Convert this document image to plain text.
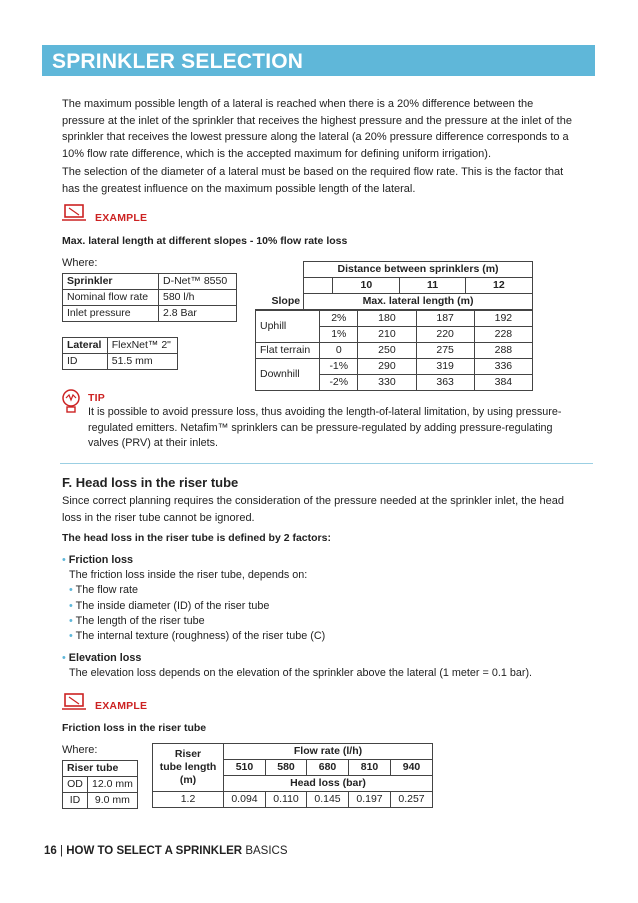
SPRINKLER SELECTION
The maximum possible length of a lateral is reached when there is a 20% difference between the
pressure at the inlet of the sprinkler that receives the highest pressure and the pressure at the inlet of the
sprinkler that receives the lowest pressure along the lateral (a 20% pressure difference corresponds to a
10% flow rate difference, which is the accepted maximum for defining uniform irrigation).
The selection of the diameter of a lateral must be based on the required flow rate. This is the factor that
has the greatest influence on the maximum possible length of the lateral.
EXAMPLE
Max. lateral length at different slopes - 10% flow rate loss
Where:
Sprinkler	D-Net™ 8550
Nominal flow rate	580 l/h
Inlet pressure	2.8 Bar
Lateral	FlexNet™ 2"
ID	51.5 mm
Slope	Distance between sprinklers (m)			
		10	11	12
	Max. lateral length (m)			
Uphill	2%	180	187	192
	1%	210	220	228
Flat terrain	0	250	275	288
Downhill	-1%	290	319	336
	-2%	330	363	384
TIP
It is possible to avoid pressure loss, thus avoiding the length-of-lateral limitation, by using pressure-
regulated emitters. Netafim™ sprinklers can be pressure-regulated by adding pressure-regulating
valves (PRV) at their inlets.
F. Head loss in the riser tube
Since correct planning requires the consideration of the pressure needed at the sprinkler inlet, the head
loss in the riser tube cannot be ignored.
The head loss in the riser tube is defined by 2 factors:
• Friction loss
The friction loss inside the riser tube, depends on:
• The flow rate
• The inside diameter (ID) of the riser tube
• The length of the riser tube
• The internal texture (roughness) of the riser tube (C)
• Elevation loss
The elevation loss depends on the elevation of the sprinkler above the lateral (1 meter = 0.1 bar).
EXAMPLE
Friction loss in the riser tube
Where:
Riser tube	
OD	12.0 mm
ID	9.0 mm
Riser
tube length
(m)	Flow rate (l/h)				
	510	580	680	810	940
	Head loss (bar)				
1.2	0.094	0.110	0.145	0.197	0.257
16 | HOW TO SELECT A SPRINKLER BASICS
